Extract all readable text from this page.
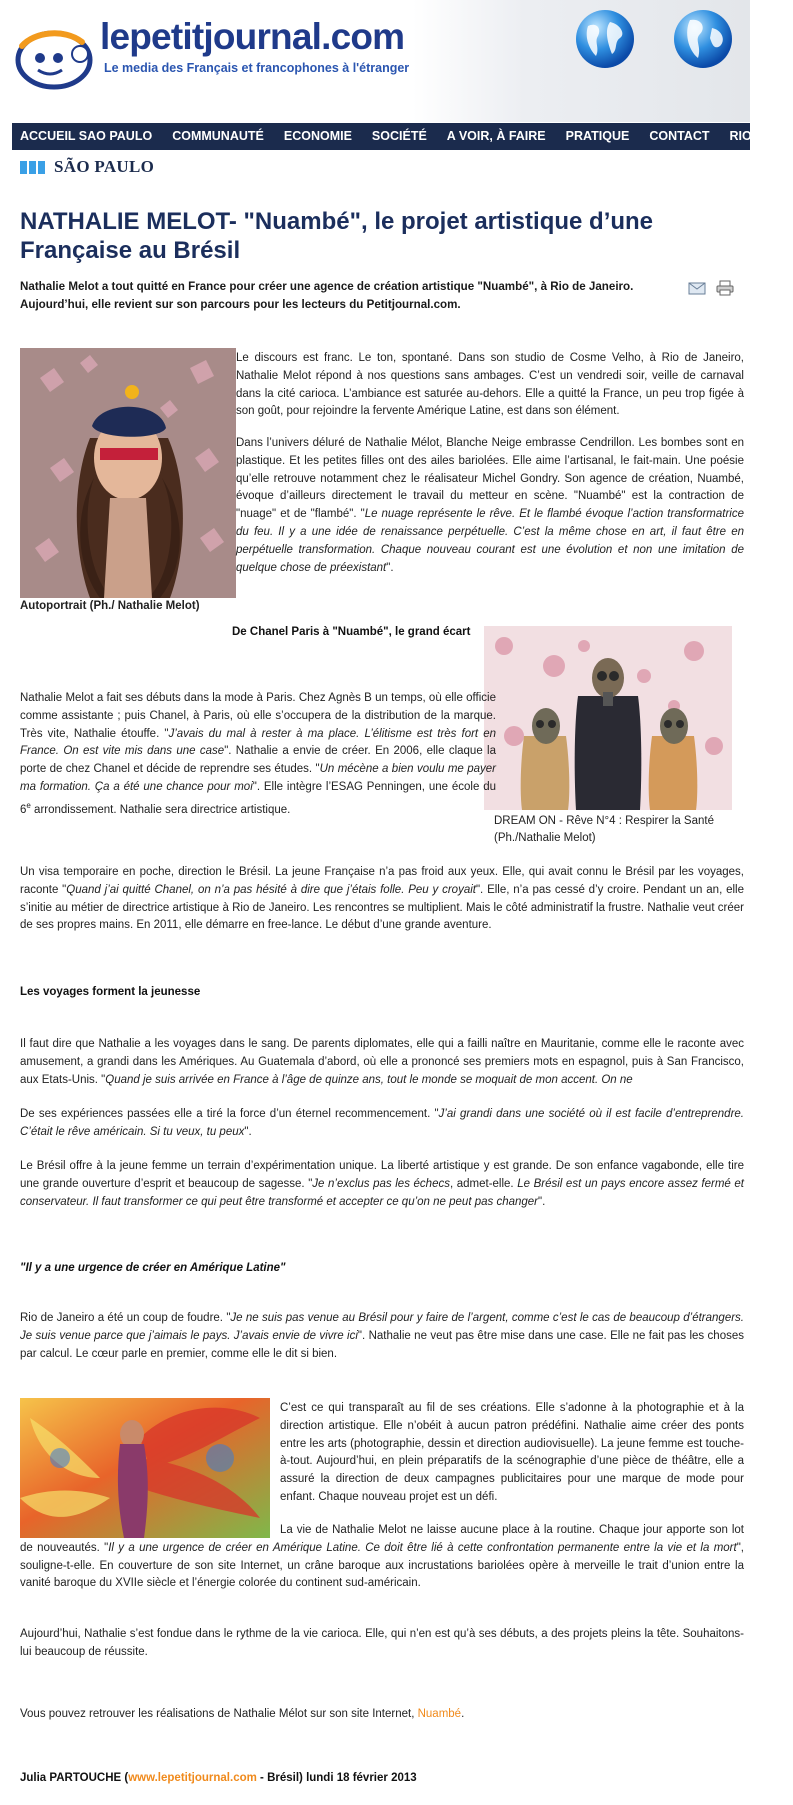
lepetitjournal.com
Le media des Français et francophones à l'étranger
ACCUEIL SAO PAULO	COMMUNAUTÉ	ECONOMIE	SOCIÉTÉ	A VOIR, À FAIRE	PRATIQUE	CONTACT	RIO DE J
SÃO PAULO
NATHALIE MELOT- "Nuambé", le projet artistique d’une Française au Brésil

Nathalie Melot a tout quitté en France pour créer une agence de création artistique "Nuambé", à Rio de Janeiro. Aujourd’hui, elle revient sur son parcours pour les lecteurs du Petitjournal.com.

Le discours est franc. Le ton, spontané. Dans son studio de Cosme Velho, à Rio de Janeiro, Nathalie Melot répond à nos questions sans ambages. C’est un vendredi soir, veille de carnaval dans la cité carioca. L’ambiance est saturée au-dehors. Elle a quitté la France, un peu trop figée à son goût, pour rejoindre la fervente Amérique Latine, est dans son élément.
Dans l’univers déluré de Nathalie Mélot, Blanche Neige embrasse Cendrillon. Les bombes sont en plastique. Et les petites filles ont des ailes bariolées. Elle aime l’artisanal, le fait-main. Une poésie qu’elle retrouve notamment chez le réalisateur Michel Gondry. Son agence de création, Nuambé, évoque d’ailleurs directement le travail du metteur en scène. "Nuambé" est la contraction de "nuage" et de "flambé". "Le nuage représente le rêve. Et le flambé évoque l’action transformatrice du feu. Il y a une idée de renaissance perpétuelle. C’est la même chose en art, il faut être en perpétuelle transformation. Chaque nouveau courant est une évolution et non une imitation de quelque chose de préexistant".
Autoportrait (Ph./ Nathalie Melot)
De Chanel Paris à "Nuambé", le grand écart
Nathalie Melot a fait ses débuts dans la mode à Paris. Chez Agnès B un temps, où elle officie comme assistante ; puis Chanel, à Paris, où elle s’occupera de la distribution de la marque. Très vite, Nathalie étouffe. "J’avais du mal à rester à ma place. L’élitisme est très fort en France. On est vite mis dans une case". Nathalie a envie de créer. En 2006, elle claque la porte de chez Chanel et décide de reprendre ses études. "Un mécène a bien voulu me payer ma formation. Ça a été une chance pour moi". Elle intègre l’ESAG Penningen, une école du 6e arrondissement. Nathalie sera directrice artistique.
DREAM ON - Rêve N°4 : Respirer la Santé (Ph./Nathalie Melot)
Un visa temporaire en poche, direction le Brésil. La jeune Française n’a pas froid aux yeux. Elle, qui avait connu le Brésil par les voyages, raconte "Quand j’ai quitté Chanel, on n’a pas hésité à dire que j’étais folle. Peu y croyait". Elle, n’a pas cessé d’y croire. Pendant un an, elle s’initie au métier de directrice artistique à Rio de Janeiro. Les rencontres se multiplient. Mais le côté administratif la frustre. Nathalie veut créer de ses propres mains. En 2011, elle démarre en free-lance. Le début d’une grande aventure.
Les voyages forment la jeunesse
Il faut dire que Nathalie a les voyages dans le sang. De parents diplomates, elle qui a failli naître en Mauritanie, comme elle le raconte avec amusement, a grandi dans les Amériques. Au Guatemala d’abord, où elle a prononcé ses premiers mots en espagnol, puis à San Francisco, aux Etats-Unis. "Quand je suis arrivée en France à l’âge de quinze ans, tout le monde se moquait de mon accent. On ne
De ses expériences passées elle a tiré la force d’un éternel recommencement. "J’ai grandi dans une société où il est facile d’entreprendre. C’était le rêve américain. Si tu veux, tu peux".
Le Brésil offre à la jeune femme un terrain d’expérimentation unique. La liberté artistique y est grande. De son enfance vagabonde, elle tire une grande ouverture d’esprit et beaucoup de sagesse. "Je n’exclus pas les échecs, admet-elle. Le Brésil est un pays encore assez fermé et conservateur. Il faut transformer ce qui peut être transformé et accepter ce qu’on ne peut pas changer".
"Il y a une urgence de créer en Amérique Latine"
Rio de Janeiro a été un coup de foudre. "Je ne suis pas venue au Brésil pour y faire de l’argent, comme c’est le cas de beaucoup d’étrangers. Je suis venue parce que j’aimais le pays. J’avais envie de vivre ici". Nathalie ne veut pas être mise dans une case. Elle ne fait pas les choses par calcul. Le cœur parle en premier, comme elle le dit si bien.
C’est ce qui transparaît au fil de ses créations. Elle s’adonne à la photographie et à la direction artistique. Elle n’obéit à aucun patron prédéfini. Nathalie aime créer des ponts entre les arts (photographie, dessin et direction audiovisuelle). La jeune femme est touche-à-tout. Aujourd’hui, en plein préparatifs de la scénographie d’une pièce de théâtre, elle a assuré la direction de deux campagnes publicitaires pour une marque de mode pour enfant. Chaque nouveau projet est un défi.
La vie de Nathalie Melot ne laisse aucune place à la routine. Chaque jour apporte son lot de nouveautés. "Il y a une urgence de créer en Amérique Latine. Ce doit être lié à cette confrontation permanente entre la vie et la mort", souligne-t-elle. En couverture de son site Internet, un crâne baroque aux incrustations bariolées opère à merveille le trait d’union entre la vanité baroque du XVIIe siècle et l’énergie colorée du continent sud-américain.
Aujourd’hui, Nathalie s’est fondue dans le rythme de la vie carioca. Elle, qui n’en est qu’à ses débuts, a des projets pleins la tête. Souhaitons-lui beaucoup de réussite.
Vous pouvez retrouver les réalisations de Nathalie Mélot sur son site Internet, Nuambé.
Julia PARTOUCHE (www.lepetitjournal.com - Brésil) lundi 18 février 2013
